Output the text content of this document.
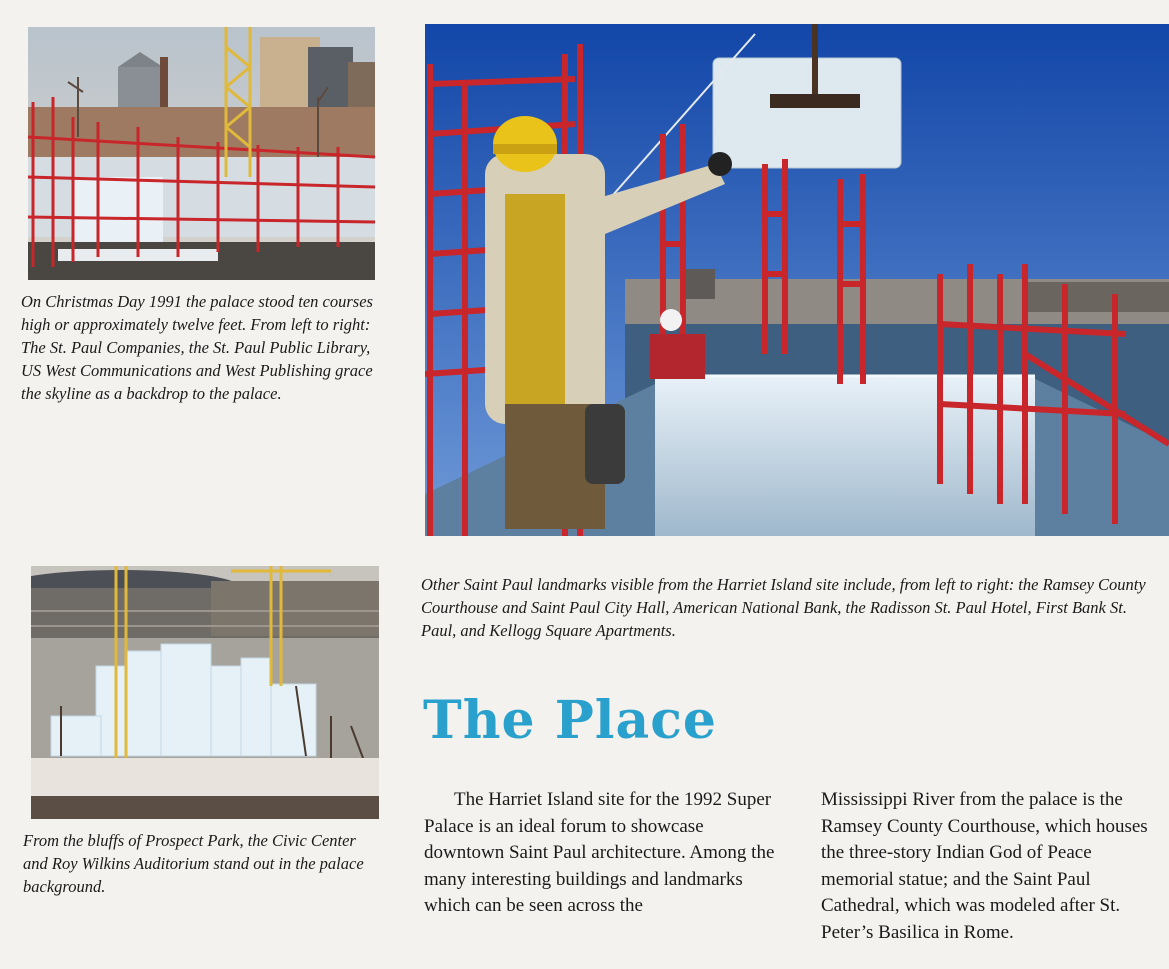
On Christmas Day 1991 the palace stood ten courses high or approximately twelve feet. From left to right: The St. Paul Companies, the St. Paul Public Library, US West Communications and West Publishing grace the skyline as a backdrop to the palace.

Other Saint Paul landmarks visible from the Harriet Island site include, from left to right: the Ramsey County Courthouse and Saint Paul City Hall, American National Bank, the Radisson St. Paul Hotel, First Bank St. Paul, and Kellogg Square Apartments.

From the bluffs of Prospect Park, the Civic Center and Roy Wilkins Auditorium stand out in the palace background.

The Place

The Harriet Island site for the 1992 Super Palace is an ideal forum to showcase downtown Saint Paul architecture. Among the many interesting buildings and landmarks which can be seen across the

Mississippi River from the palace is the Ramsey County Courthouse, which houses the three-story Indian God of Peace memorial statue; and the Saint Paul Cathedral, which was modeled after St. Peter’s Basilica in Rome.
